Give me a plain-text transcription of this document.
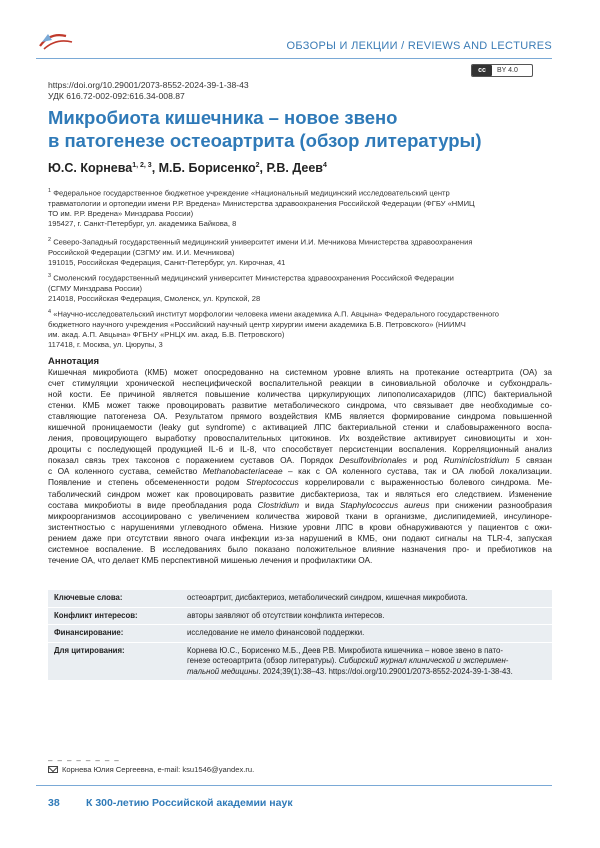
ОБЗОРЫ И ЛЕКЦИИ / REVIEWS AND LECTURES
cc	BY 4.0
https://doi.org/10.29001/2073-8552-2024-39-1-38-43
УДК 616.72-002-092:616.34-008.87
Микробиота кишечника – новое звено
в патогенезе остеоартрита (обзор литературы)
Ю.С. Корнева$^{1, 2, 3}$, М.Б. Борисенко$^2$, Р.В. Деев$^4$
$^1$ Федеральное государственное бюджетное учреждение «Национальный медицинский исследовательский центр
травматологии и ортопедии имени Р.Р. Вредена» Министерства здравоохранения Российской Федерации (ФГБУ «НМИЦ
ТО им. Р.Р. Вредена» Минздрава России)
195427, г. Санкт-Петербург, ул. академика Байкова, 8
$^2$ Северо-Западный государственный медицинский университет имени И.И. Мечникова Министерства здравоохранения
Российской Федерации (СЗГМУ им. И.И. Мечникова)
191015, Российская Федерация, Санкт-Петербург, ул. Кирочная, 41
$^3$ Смоленский государственный медицинский университет Министерства здравоохранения Российской Федерации
(СГМУ Минздрава России)
214018, Российская Федерация, Смоленск, ул. Крупской, 28
$^4$ «Научно-исследовательский институт морфологии человека имени академика А.П. Авцына» Федерального государственного
бюджетного научного учреждения «Российский научный центр хирургии имени академика Б.В. Петровского» (НИИМЧ
им. акад. А.П. Авцына» ФГБНУ «РНЦХ им. акад. Б.В. Петровского)
117418, г. Москва, ул. Цюрупы, 3
Аннотация
Кишечная микробиота (КМБ) может опосредованно на системном уровне влиять на протекание остеартрита (ОА) за
счет стимуляции хронической неспецифической воспалительной реакции в синовиальной оболочке и субхондраль-
ной кости. Ее причиной является повышение количества циркулирующих липополисахаридов (ЛПС) бактериальной
стенки. КМБ может также провоцировать развитие метаболического синдрома, что связывает две необходимые со-
ставляющие патогенеза ОА. Результатом прямого воздействия КМБ является формирование синдрома повышенной
кишечной проницаемости (leaky gut syndrome) с активацией ЛПС бактериальной стенки и слабовыраженного воспа-
ления, провоцирующего выработку провоспалительных цитокинов. Их воздействие активирует синовиоциты и хон-
дроциты с последующей продукцией IL-6 и IL-8, что способствует персистенции воспаления. Корреляционный анализ
показал связь трех таксонов с поражением суставов ОА. Порядок Desulfovibrionales и род Ruminiclostridium 5 связан
с ОА коленного сустава, семейство Methanobacteriaceae – как с ОА коленного сустава, так и ОА любой локализации.
Появление и степень обсемененности родом Streptococcus коррелировали с выраженностью болевого синдрома. Ме-
таболический синдром может как провоцировать развитие дисбактериоза, так и являться его следствием. Изменение
состава микробиоты в виде преобладания рода Clostridium и вида Staphylococcus aureus при снижении разнообразия
микроорганизмов ассоциировано с увеличением количества жировой ткани в организме, дислипидемией, инсулиноре-
зистентностью с нарушениями углеводного обмена. Низкие уровни ЛПС в крови обнаруживаются у пациентов с ожи-
рением даже при отсутствии явного очага инфекции из-за нарушений в КМБ, они подают сигналы на TLR-4, запуская
системное воспаление. В исследованиях было показано положительное влияние назначения про- и пребиотиков на
течение ОА, что делает КМБ перспективной мишенью лечения и профилактики ОА.
Ключевые слова:	остеоартрит, дисбактериоз, метаболический синдром, кишечная микробиота.
Конфликт интересов:	авторы заявляют об отсутствии конфликта интересов.
Финансирование:	исследование не имело финансовой поддержки.
Для цитирования:	Корнева Ю.С., Борисенко М.Б., Деев Р.В. Микробиота кишечника – новое звено в пато-
генезе остеоартрита (обзор литературы). Сибирский журнал клинической и эксперимен-
тальной медицины. 2024;39(1):38–43. https://doi.org/10.29001/2073-8552-2024-39-1-38-43.
– – – – – – – –
Корнева Юлия Сергеевна, e-mail: ksu1546@yandex.ru.
38	К 300-летию Российской академии наук
